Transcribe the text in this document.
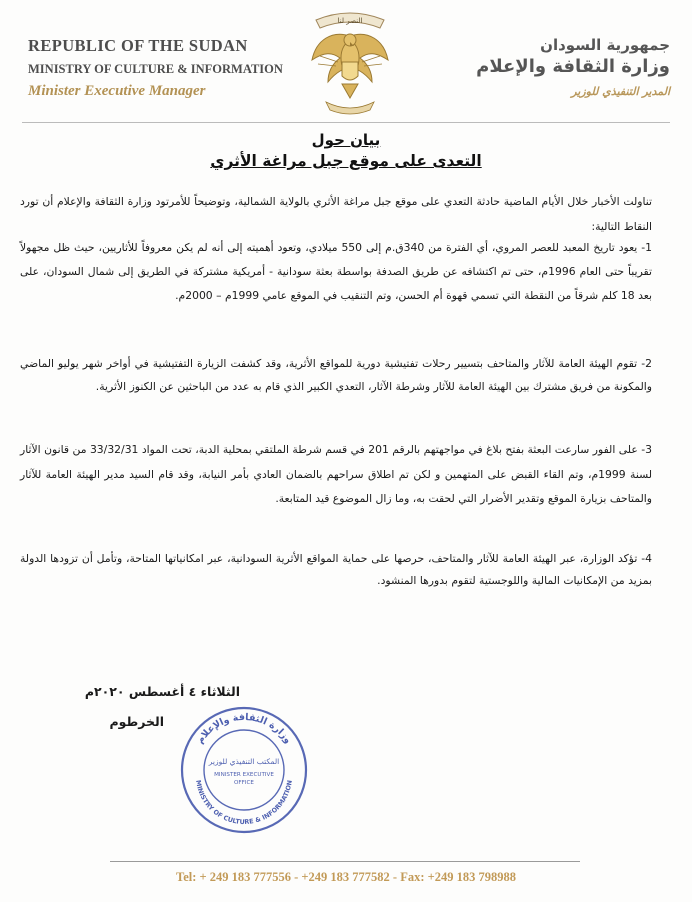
REPUBLIC OF THE SUDAN
MINISTRY OF CULTURE & INFORMATION
Minister Executive Manager
النصر لنا
جمهورية السودان
وزارة الثقافة والإعلام
المدير التنفيذي للوزير
بيان حول
التعدى على موقع جبل مراغة الأثري
تناولت الأخبار خلال الأيام الماضية حادثة التعدي على موقع جبل مراغة الأثري بالولاية الشمالية، وتوضيحاً للأمرتود وزارة الثقافة والإعلام أن تورد النقاط التالية:
1- يعود تاريخ المعبد للعصر المروي، أي الفترة من 340ق.م إلى 550 ميلادي، وتعود أهميته إلى أنه لم يكن معروفاً للأثاريين، حيث ظل مجهولاً تقريباً حتى العام 1996م، حتى تم اكتشافه عن طريق الصدفة بواسطة بعثة سودانية - أمريكية مشتركة في الطريق إلى شمال السودان، على بعد 18 كلم شرقاً من النقطة التي تسمي قهوة أم الحسن، وتم التنقيب في الموقع عامي 1999م – 2000م.
2- تقوم الهيئة العامة للآثار والمتاحف بتسيير رحلات تفتيشية دورية للمواقع الأثرية، وقد كشفت الزيارة التفتيشية في أواخر شهر يوليو الماضي والمكونة من فريق مشترك بين الهيئة العامة للآثار وشرطة الآثار، التعدي الكبير الذي قام به عدد من الباحثين عن الكنوز الأثرية.
3- على الفور سارعت البعثة بفتح بلاغ في مواجهتهم بالرقم 201 في قسم شرطة الملتقي بمحلية الدبة، تحت المواد 33/32/31 من قانون الآثار لسنة 1999م، وتم القاء القبض على المتهمين و لكن تم اطلاق سراحهم بالضمان العادي بأمر النيابة، وقد قام السيد مدير الهيئة العامة للآثار والمتاحف بزيارة الموقع وتقدير الأضرار التي لحقت به، وما زال الموضوع قيد المتابعة.
4- تؤكد الوزارة، عبر الهيئة العامة للآثار والمتاحف، حرصها على حماية المواقع الأثرية السودانية، عبر امكانياتها المتاحة، وتأمل أن تزودها الدولة بمزيد من الإمكانيات المالية واللوجستية لتقوم بدورها المنشود.
الثلاثاء ٤ أغسطس ٢٠٢٠م
الخرطوم
وزارة الثقافة والإعلام
MINISTRY OF CULTURE & INFORMATION
المكتب التنفيذي للوزير
MINISTER EXECUTIVE
OFFICE
Tel: + 249 183 777556 - +249 183 777582 - Fax: +249 183 798988
